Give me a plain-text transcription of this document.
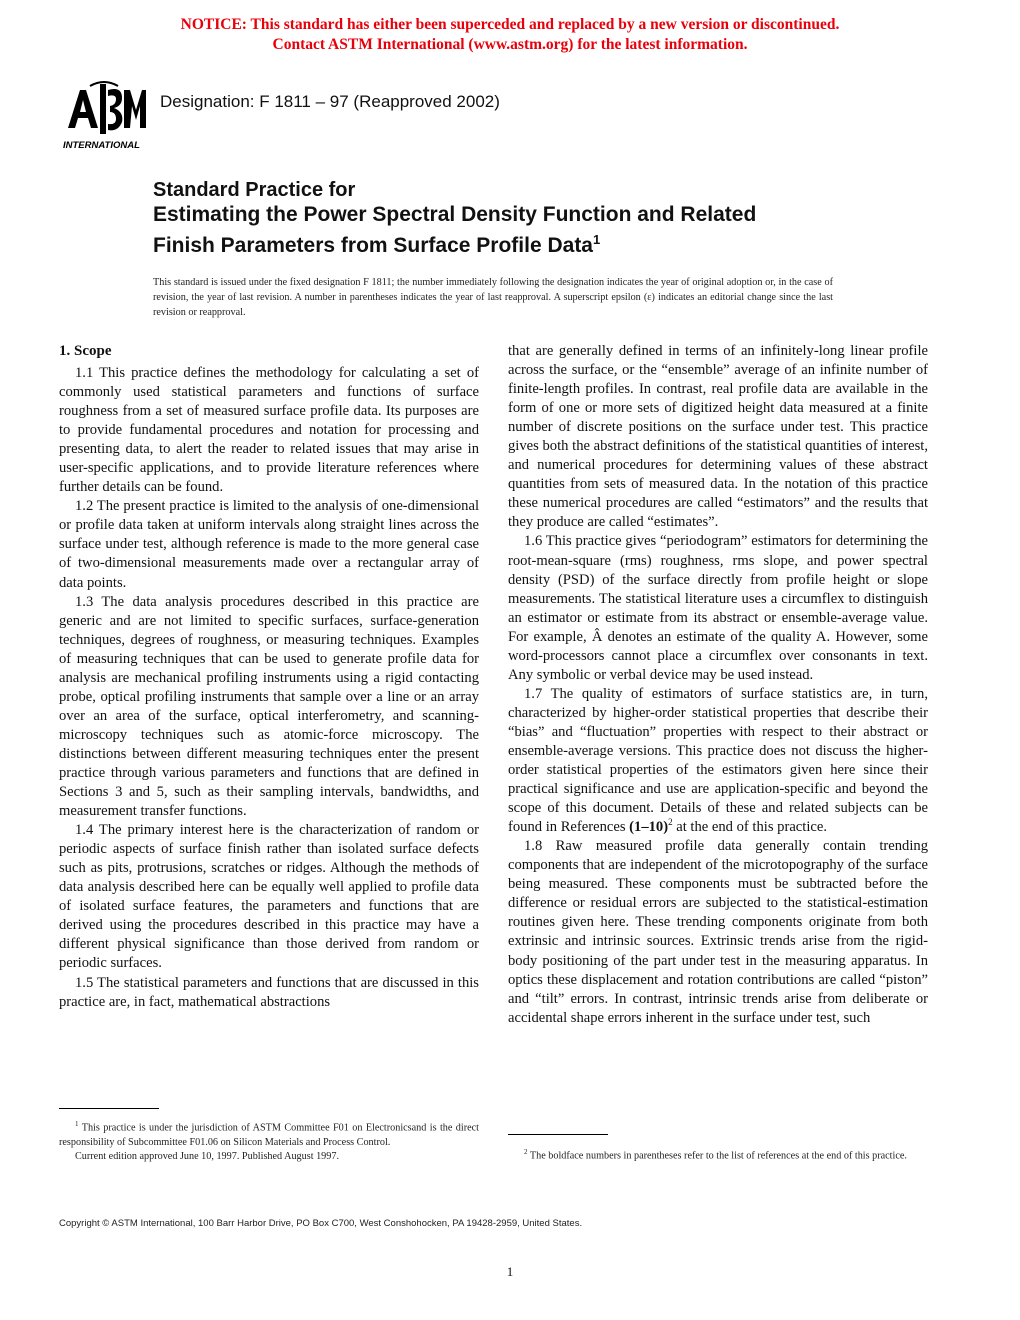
NOTICE: This standard has either been superceded and replaced by a new version or discontinued.
Contact ASTM International (www.astm.org) for the latest information.
INTERNATIONAL
Designation: F 1811 – 97 (Reapproved 2002)
Standard Practice for
Estimating the Power Spectral Density Function and Related
Finish Parameters from Surface Profile Data$^1$
This standard is issued under the fixed designation F 1811; the number immediately following the designation indicates the year of original adoption or, in the case of revision, the year of last revision. A number in parentheses indicates the year of last reapproval. A superscript epsilon (ε) indicates an editorial change since the last revision or reapproval.
1. Scope

1.1 This practice defines the methodology for calculating a set of commonly used statistical parameters and functions of surface roughness from a set of measured surface profile data. Its purposes are to provide fundamental procedures and notation for processing and presenting data, to alert the reader to related issues that may arise in user-specific applications, and to provide literature references where further details can be found.

1.2 The present practice is limited to the analysis of one-dimensional or profile data taken at uniform intervals along straight lines across the surface under test, although reference is made to the more general case of two-dimensional measurements made over a rectangular array of data points.

1.3 The data analysis procedures described in this practice are generic and are not limited to specific surfaces, surface-generation techniques, degrees of roughness, or measuring techniques. Examples of measuring techniques that can be used to generate profile data for analysis are mechanical profiling instruments using a rigid contacting probe, optical profiling instruments that sample over a line or an array over an area of the surface, optical interferometry, and scanning-microscopy techniques such as atomic-force microscopy. The distinctions between different measuring techniques enter the present practice through various parameters and functions that are defined in Sections 3 and 5, such as their sampling intervals, bandwidths, and measurement transfer functions.

1.4 The primary interest here is the characterization of random or periodic aspects of surface finish rather than isolated surface defects such as pits, protrusions, scratches or ridges. Although the methods of data analysis described here can be equally well applied to profile data of isolated surface features, the parameters and functions that are derived using the procedures described in this practice may have a different physical significance than those derived from random or periodic surfaces.

1.5 The statistical parameters and functions that are discussed in this practice are, in fact, mathematical abstractions

that are generally defined in terms of an infinitely-long linear profile across the surface, or the “ensemble” average of an infinite number of finite-length profiles. In contrast, real profile data are available in the form of one or more sets of digitized height data measured at a finite number of discrete positions on the surface under test. This practice gives both the abstract definitions of the statistical quantities of interest, and numerical procedures for determining values of these abstract quantities from sets of measured data. In the notation of this practice these numerical procedures are called “estimators” and the results that they produce are called “estimates”.

1.6 This practice gives “periodogram” estimators for determining the root-mean-square (rms) roughness, rms slope, and power spectral density (PSD) of the surface directly from profile height or slope measurements. The statistical literature uses a circumflex to distinguish an estimator or estimate from its abstract or ensemble-average value. For example, Â denotes an estimate of the quality A. However, some word-processors cannot place a circumflex over consonants in text. Any symbolic or verbal device may be used instead.

1.7 The quality of estimators of surface statistics are, in turn, characterized by higher-order statistical properties that describe their “bias” and “fluctuation” properties with respect to their abstract or ensemble-average versions. This practice does not discuss the higher-order statistical properties of the estimators given here since their practical significance and use are application-specific and beyond the scope of this document. Details of these and related subjects can be found in References $(1-10)^2$ at the end of this practice.

1.8 Raw measured profile data generally contain trending components that are independent of the microtopography of the surface being measured. These components must be subtracted before the difference or residual errors are subjected to the statistical-estimation routines given here. These trending components originate from both extrinsic and intrinsic sources. Extrinsic trends arise from the rigid-body positioning of the part under test in the measuring apparatus. In optics these displacement and rotation contributions are called “piston” and “tilt” errors. In contrast, intrinsic trends arise from deliberate or accidental shape errors inherent in the surface under test, such

$^1$ This practice is under the jurisdiction of ASTM Committee F01 on Electronicsand is the direct responsibility of Subcommittee F01.06 on Silicon Materials and Process Control.

Current edition approved June 10, 1997. Published August 1997.	$^2$ The boldface numbers in parentheses refer to the list of references at the end of this practice.

Copyright © ASTM International, 100 Barr Harbor Drive, PO Box C700, West Conshohocken, PA 19428-2959, United States.
1
